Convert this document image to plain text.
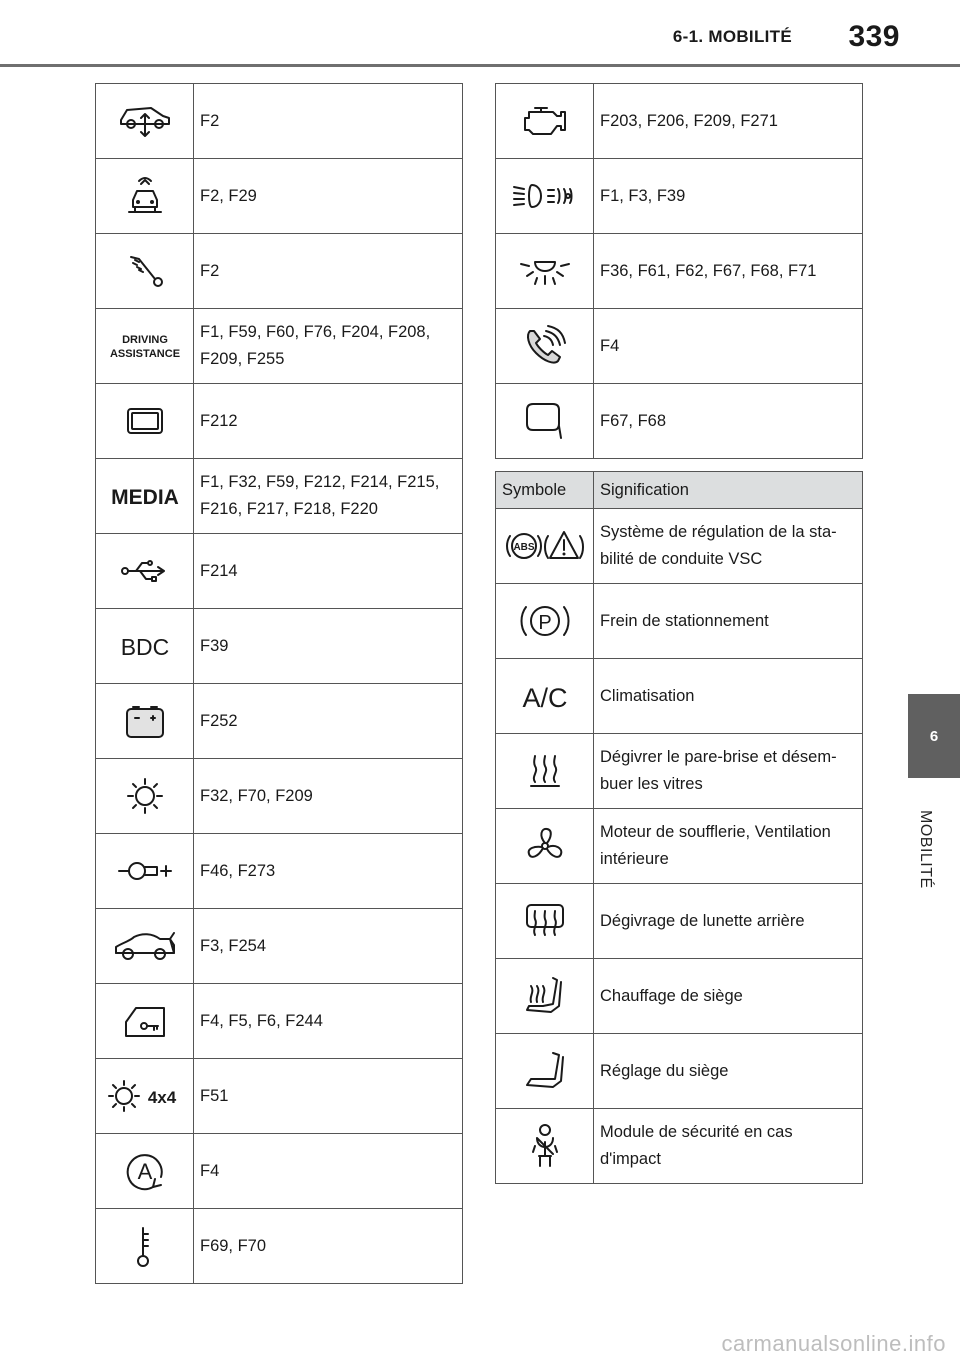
6-1. MOBILITÉ 339
6
MOBILITÉ
	F2

	F2, F29

	F2

DRIVING
ASSISTANCE	F1, F59, F60, F76, F204, F208, F209, F255

	F212

MEDIA	F1, F32, F59, F212, F214, F215, F216, F217, F218, F220

	F214

BDC	F39

	F252

	F32, F70, F209

	F46, F273

	F3, F254

	F4, F5, F6, F244

4x4	F51

A	F4

	F69, F70
	F203, F206, F209, F271

	F1, F3, F39

	F36, F61, F62, F67, F68, F71

	F4

	F67, F68
Symbole	Signification

ABS	Système de régulation de la sta-bilité de conduite VSC

P	Frein de stationnement

A/C	Climatisation

	Dégivrer le pare-brise et désem-buer les vitres

	Moteur de soufflerie, Ventilation intérieure

	Dégivrage de lunette arrière

	Chauffage de siège

	Réglage du siège

	Module de sécurité en cas d'impact
carmanualsonline.info
